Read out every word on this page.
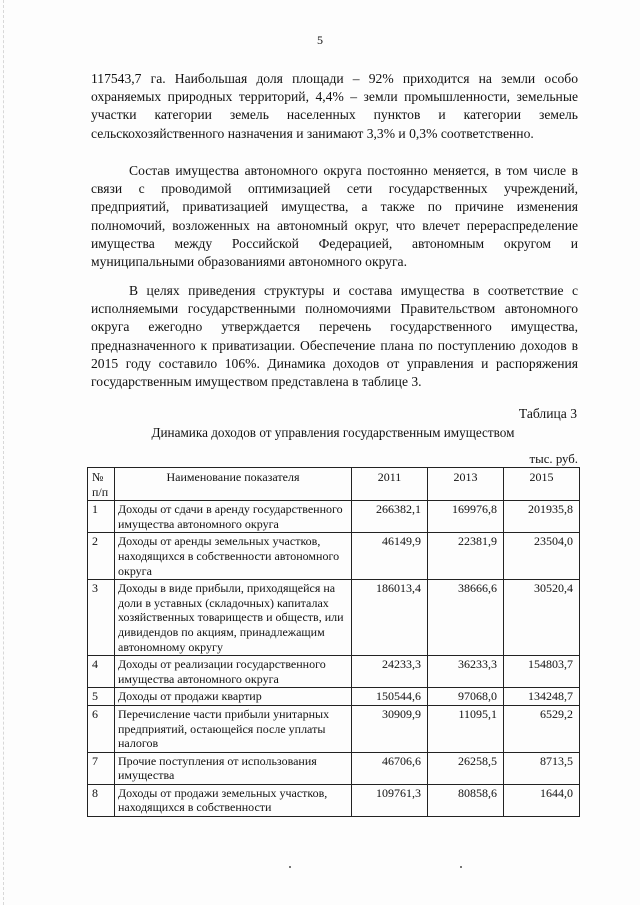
5

117543,7 га. Наибольшая доля площади – 92% приходится на земли особо охраняемых природных территорий, 4,4% – земли промышленности, земельные участки категории земель населенных пунктов и категории земель сельскохозяйственного назначения и занимают 3,3% и 0,3% соответственно.

Состав имущества автономного округа постоянно меняется, в том числе в связи с проводимой оптимизацией сети государственных учреждений, предприятий, приватизацией имущества, а также по причине изменения полномочий, возложенных на автономный округ, что влечет перераспределение имущества между Российской Федерацией, автономным округом и муниципальными образованиями автономного округа.

В целях приведения структуры и состава имущества в соответствие с исполняемыми государственными полномочиями Правительством автономного округа ежегодно утверждается перечень государственного имущества, предназначенного к приватизации. Обеспечение плана по поступлению доходов в 2015 году составило 106%. Динамика доходов от управления и распоряжения государственным имуществом представлена в таблице 3.

Таблица 3
Динамика доходов от управления государственным имуществом
тыс. руб.
№ п/п	Наименование показателя	2011	2013	2015
1	Доходы от сдачи в аренду государственного имущества автономного округа	266382,1	169976,8	201935,8
2	Доходы от аренды земельных участков, находящихся в собственности автономного округа	46149,9	22381,9	23504,0
3	Доходы в виде прибыли, приходящейся на доли в уставных (складочных) капиталах хозяйственных товариществ и обществ, или дивидендов по акциям, принадлежащим автономному округу	186013,4	38666,6	30520,4
4	Доходы от реализации государственного имущества автономного округа	24233,3	36233,3	154803,7
5	Доходы от продажи квартир	150544,6	97068,0	134248,7
6	Перечисление части прибыли унитарных предприятий, остающейся после уплаты налогов	30909,9	11095,1	6529,2
7	Прочие поступления от использования имущества	46706,6	26258,5	8713,5
8	Доходы от продажи земельных участков, находящихся в собственности	109761,3	80858,6	1644,0
